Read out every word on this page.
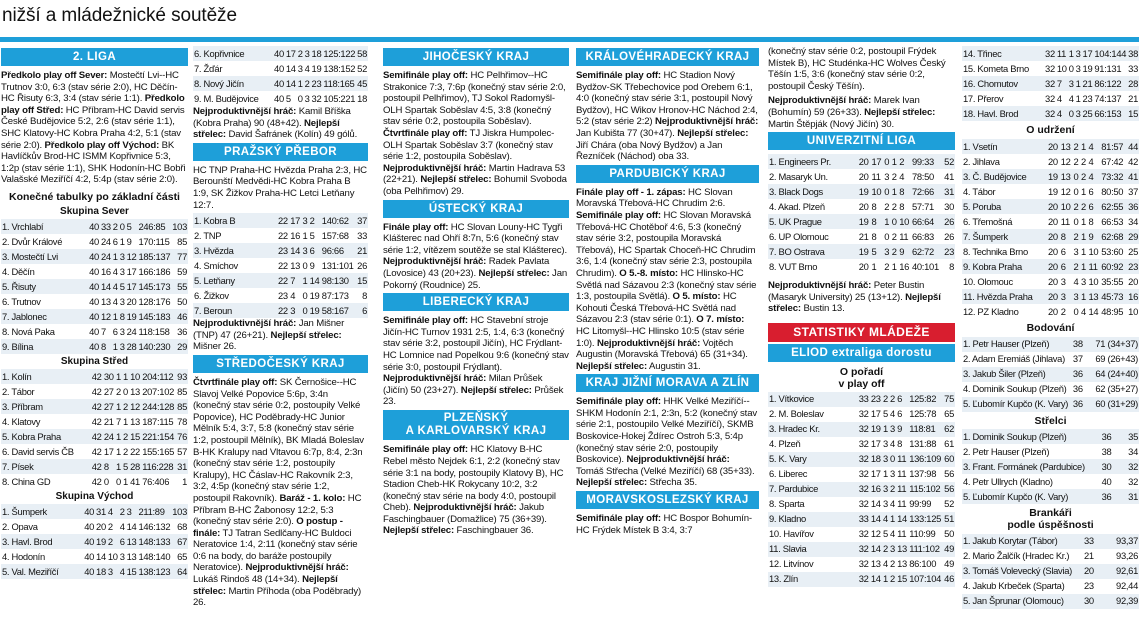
nižší a mládežnické soutěže
2. LIGA

Předkolo play off Sever: Mostečtí Lvi--HC Trutnov 3:0, 6:3 (stav série 2:0), HC Děčín-HC Řisuty 6:3, 3:4 (stav série 1:1). Předkolo play off Střed: HC Příbram-HC David servis České Budějovice 5:2, 2:6 (stav série 1:1), SHC Klatovy-HC Kobra Praha 4:2, 5:1 (stav série 2:0). Předkolo play off Východ: BK Havlíčkův Brod-HC ISMM Kopřivnice 5:3, 1:2p (stav série 1:1), SHK Hodonín-HC Bobři Valašské Meziříčí 4:2, 5:4p (stav série 2:0).

Konečné tabulky po základní části
Skupina Sever
1. Vrchlabí	40	33	2	0	5	246:85	103
2. Dvůr Králové	40	24	6	1	9	170:115	85
3. Mostečtí Lvi	40	24	1	3	12	185:137	77
4. Děčín	40	16	4	3	17	166:186	59
5. Řisuty	40	14	4	5	17	145:173	55
6. Trutnov	40	13	4	3	20	128:176	50
7. Jablonec	40	12	1	8	19	145:183	46
8. Nová Paka	40	7	6	3	24	118:158	36
9. Bílina	40	8	1	3	28	140:230	29
Skupina Střed
1. Kolín	42	30	1	1	10	204:112	93
2. Tábor	42	27	2	0	13	207:102	85
3. Příbram	42	27	1	2	12	244:128	85
4. Klatovy	42	21	7	1	13	187:115	78
5. Kobra Praha	42	24	1	2	15	221:154	76
6. David servis ČB	42	17	1	2	22	155:165	57
7. Písek	42	8	1	5	28	116:228	31
8. China GD	42	0	0	1	41	76:406	1
Skupina Východ
1. Šumperk	40	31	4	2	3	211:89	103
2. Opava	40	20	2	4	14	146:132	68
3. Havl. Brod	40	19	2	6	13	148:133	67
4. Hodonín	40	14	10	3	13	148:140	65
5. Val. Meziříčí	40	18	3	4	15	138:123	64
6. Kopřivnice	40	17	2	3	18	125:122	58
7. Žďár	40	14	3	4	19	138:152	52
8. Nový Jičín	40	14	1	2	23	118:165	45
9. M. Budějovice	40	5	0	3	32	105:221	18

Nejproduktivnější hráč: Kamil Bříška (Kobra Praha) 90 (48+42). Nejlepší střelec: David Šafránek (Kolín) 49 gólů.

PRAŽSKÝ PŘEBOR

HC TNP Praha-HC Hvězda Praha 2:3, HC Berounští Medvědi-HC Kobra Praha B 1:9, SK Žižkov Praha-HC Letci Letňany 12:7.

1. Kobra B	22	17	3	2	140:62	37
2. TNP	22	16	1	5	157:68	33
3. Hvězda	23	14	3	6	96:66	21
4. Smíchov	22	13	0	9	131:101	26
5. Letňany	22	7	1	14	98:130	15
6. Žižkov	23	4	0	19	87:173	8
7. Beroun	22	3	0	19	58:167	6

Nejproduktivnější hráč: Jan Mišner (TNP) 47 (26+21). Nejlepší střelec: Mišner 26.

STŘEDOČESKÝ KRAJ

Čtvrtfinále play off: SK Černošice--HC Slavoj Velké Popovice 5:6p, 3:4n (konečný stav série 0:2, postoupily Velké Popovice), HC Poděbrady-HC Junior Mělník 5:4, 3:7, 5:8 (konečný stav série 1:2, postoupil Mělník), BK Mladá Boleslav B-HK Kralupy nad Vltavou 6:7p, 8:4, 2:3n (konečný stav série 1:2, postoupily Kralupy), HC Čáslav-HC Rakovník 2:3, 3:2, 4:5p (konečný stav série 1:2, postoupil Rakovník). Baráž - 1. kolo: HC Příbram B-HC Žabonosy 12:2, 5:3 (konečný stav série 2:0). O postup - finále: TJ Tatran Sedlčany-HC Buldoci Neratovice 1:4, 2:11 (konečný stav série 0:6 na body, do baráže postoupily Neratovice). Nejproduktivnější hráč: Lukáš Rindoš 48 (14+34). Nejlepší střelec: Martin Příhoda (oba Poděbrady) 26.

JIHOČESKÝ KRAJ

Semifinále play off: HC Pelhřimov--HC Strakonice 7:3, 7:6p (konečný stav série 2:0, postoupil Pelhřimov), TJ Sokol Radomyšl-OLH Spartak Soběslav 4:5, 3:8 (konečný stav série 0:2, postoupila Soběslav). Čtvrtfinále play off: TJ Jiskra Humpolec-OLH Spartak Soběslav 3:7 (konečný stav série 1:2, postoupila Soběslav). Nejproduktivnější hráč: Martin Hadrava 53 (22+21). Nejlepší střelec: Bohumil Svoboda (oba Pelhřimov) 29.

ÚSTECKÝ KRAJ

Finále play off: HC Slovan Louny-HC Tygři Klášterec nad Ohří 8:7n, 5:6 (konečný stav série 1:2, vítězem soutěže se stal Klášterec). Nejproduktivnější hráč: Radek Pavlata (Lovosice) 43 (20+23). Nejlepší střelec: Jan Pokorný (Roudnice) 25.

LIBERECKÝ KRAJ

Semifinále play off: HC Stavební stroje Jičín-HC Turnov 1931 2:5, 1:4, 6:3 (konečný stav série 3:2, postoupil Jičín), HC Frýdlant-HC Lomnice nad Popelkou 9:6 (konečný stav série 3:0, postoupil Frýdlant). Nejproduktivnější hráč: Milan Průšek (Jičín) 50 (23+27). Nejlepší střelec: Průšek 23.

PLZEŇSKÝ
A KARLOVARSKÝ KRAJ

Semifinále play off: HC Klatovy B-HC Rebel město Nejdek 6:1, 2:2 (konečný stav série 3:1 na body, postoupily Klatovy B), HC Stadion Cheb-HK Rokycany 10:2, 3:2 (konečný stav série na body 4:0, postoupil Cheb). Nejproduktivnější hráč: Jakub Faschingbauer (Domažlice) 75 (36+39). Nejlepší střelec: Faschingbauer 36.

KRÁLOVÉHRADECKÝ KRAJ

Semifinále play off: HC Stadion Nový Bydžov-SK Třebechovice pod Orebem 6:1, 4:0 (konečný stav série 3:1, postoupil Nový Bydžov), HC Wikov Hronov-HC Náchod 2:4, 5:2 (stav série 2:2) Nejproduktivnější hráč: Jan Kubišta 77 (30+47). Nejlepší střelec: Jiří Chára (oba Nový Bydžov) a Jan Řezníček (Náchod) oba 33.

PARDUBICKÝ KRAJ

Finále play off - 1. zápas: HC Slovan Moravská Třebová-HC Chrudim 2:6. Semifinále play off: HC Slovan Moravská Třebová-HC Chotěboř 4:6, 5:3 (konečný stav série 3:2, postoupila Moravská Třebová), HC Spartak Choceň-HC Chrudim 3:6, 1:4 (konečný stav série 2:3, postoupila Chrudim). O 5.-8. místo: HC Hlinsko-HC Světlá nad Sázavou 2:3 (konečný stav série 1:3, postoupila Světlá). O 5. místo: HC Kohouti Česká Třebová-HC Světlá nad Sázavou 2:3 (stav série 0:1). O 7. místo: HC Litomyšl--HC Hlinsko 10:5 (stav série 1:0). Nejproduktivnější hráč: Vojtěch Augustin (Moravská Třebová) 65 (31+34). Nejlepší střelec: Augustin 31.

KRAJ JIŽNÍ MORAVA A ZLÍN

Semifinále play off: HHK Velké Meziříčí--SHKM Hodonín 2:1, 2:3n, 5:2 (konečný stav série 2:1, postoupilo Velké Meziříčí), SKMB Boskovice-Hokej Ždírec Ostroh 5:3, 5:4p (konečný stav série 2:0, postoupily Boskovice). Nejproduktivnější hráč: Tomáš Střecha (Velké Meziříčí) 68 (35+33). Nejlepší střelec: Střecha 35.

MORAVSKOSLEZSKÝ KRAJ

Semifinále play off: HC Bospor Bohumín-HC Frýdek Místek B 3:4, 3:7

(konečný stav série 0:2, postoupil Frýdek Místek B), HC Studénka-HC Wolves Český Těšín 1:5, 3:6 (konečný stav série 0:2, postoupil Český Těšín).

Nejproduktivnější hráč: Marek Ivan (Bohumín) 59 (26+33). Nejlepší střelec: Martin Štěpják (Nový Jičín) 30.

UNIVERZITNÍ LIGA
1. Engineers Pr.	20	17	0	1	2	99:33	52
2. Masaryk Un.	20	11	3	2	4	78:50	41
3. Black Dogs	19	10	0	1	8	72:66	31
4. Akad. Plzeň	20	8	2	2	8	57:71	30
5. UK Prague	19	8	1	0	10	66:64	26
6. UP Olomouc	21	8	0	2	11	66:83	26
7. BO Ostrava	19	5	3	2	9	62:72	23
8. VUT Brno	20	1	2	1	16	40:101	8

Nejproduktivnější hráč: Peter Bustin (Masaryk University) 25 (13+12). Nejlepší střelec: Bustin 13.

STATISTIKY MLÁDEŽE
ELIOD extraliga dorostu
O pořadí
v play off
1. Vítkovice	33	23	2	2	6	125:82	75
2. M. Boleslav	32	17	5	4	6	125:78	65
3. Hradec Kr.	32	19	1	3	9	118:81	62
4. Plzeň	32	17	3	4	8	131:88	61
5. K. Vary	32	18	3	0	11	136:109	60
6. Liberec	32	17	1	3	11	137:98	56
7. Pardubice	32	16	3	2	11	115:102	56
8. Sparta	32	14	3	4	11	99:99	52
9. Kladno	33	14	4	1	14	133:125	51
10. Havířov	32	12	5	4	11	110:99	50
11. Slavia	32	14	2	3	13	111:102	49
12. Litvínov	32	13	4	2	13	86:100	49
13. Zlín	32	14	1	2	15	107:104	46
14. Třinec	32	11	1	3	17	104:144	38
15. Kometa Brno	32	10	0	3	19	91:131	33
16. Chomutov	32	7	3	1	21	86:122	28
17. Přerov	32	4	4	1	23	74:137	21
18. Havl. Brod	32	4	0	3	25	66:153	15
O udržení
1. Vsetín	20	13	2	1	4	81:57	44
2. Jihlava	20	12	2	2	4	67:42	42
3. Č. Budějovice	19	13	0	2	4	73:32	41
4. Tábor	19	12	0	1	6	80:50	37
5. Poruba	20	10	2	2	6	62:55	36
6. Třemošná	20	11	0	1	8	66:53	34
7. Šumperk	20	8	2	1	9	62:68	29
8. Technika Brno	20	6	3	1	10	53:60	25
9. Kobra Praha	20	6	2	1	11	60:92	23
10. Olomouc	20	3	4	3	10	35:55	20
11. Hvězda Praha	20	3	3	1	13	45:73	16
12. PZ Kladno	20	2	0	4	14	48:95	10
Bodování
1. Petr Hauser (Plzeň)	38	71 (34+37)
2. Adam Eremiáš (Jihlava)	37	69 (26+43)
3. Jakub Šiler (Plzeň)	36	64 (24+40)
4. Dominik Soukup (Plzeň)	36	62 (35+27)
5. Ľubomír Kupčo (K. Vary)	36	60 (31+29)
Střelci
1. Dominik Soukup (Plzeň)	36	35
2. Petr Hauser (Plzeň)	38	34
3. Frant. Formánek (Pardubice)	30	32
4. Petr Ullrych (Kladno)	40	32
5. Ľubomír Kupčo (K. Vary)	36	31
Brankáři
podle úspěšnosti
1. Jakub Korytar (Tábor)	33	93,37
2. Mario Žalčík (Hradec Kr.)	21	93,26
3. Tomáš Volevecký (Slavia)	20	92,61
4. Jakub Krbeček (Sparta)	23	92,44
5. Jan Šprunar (Olomouc)	30	92,39
